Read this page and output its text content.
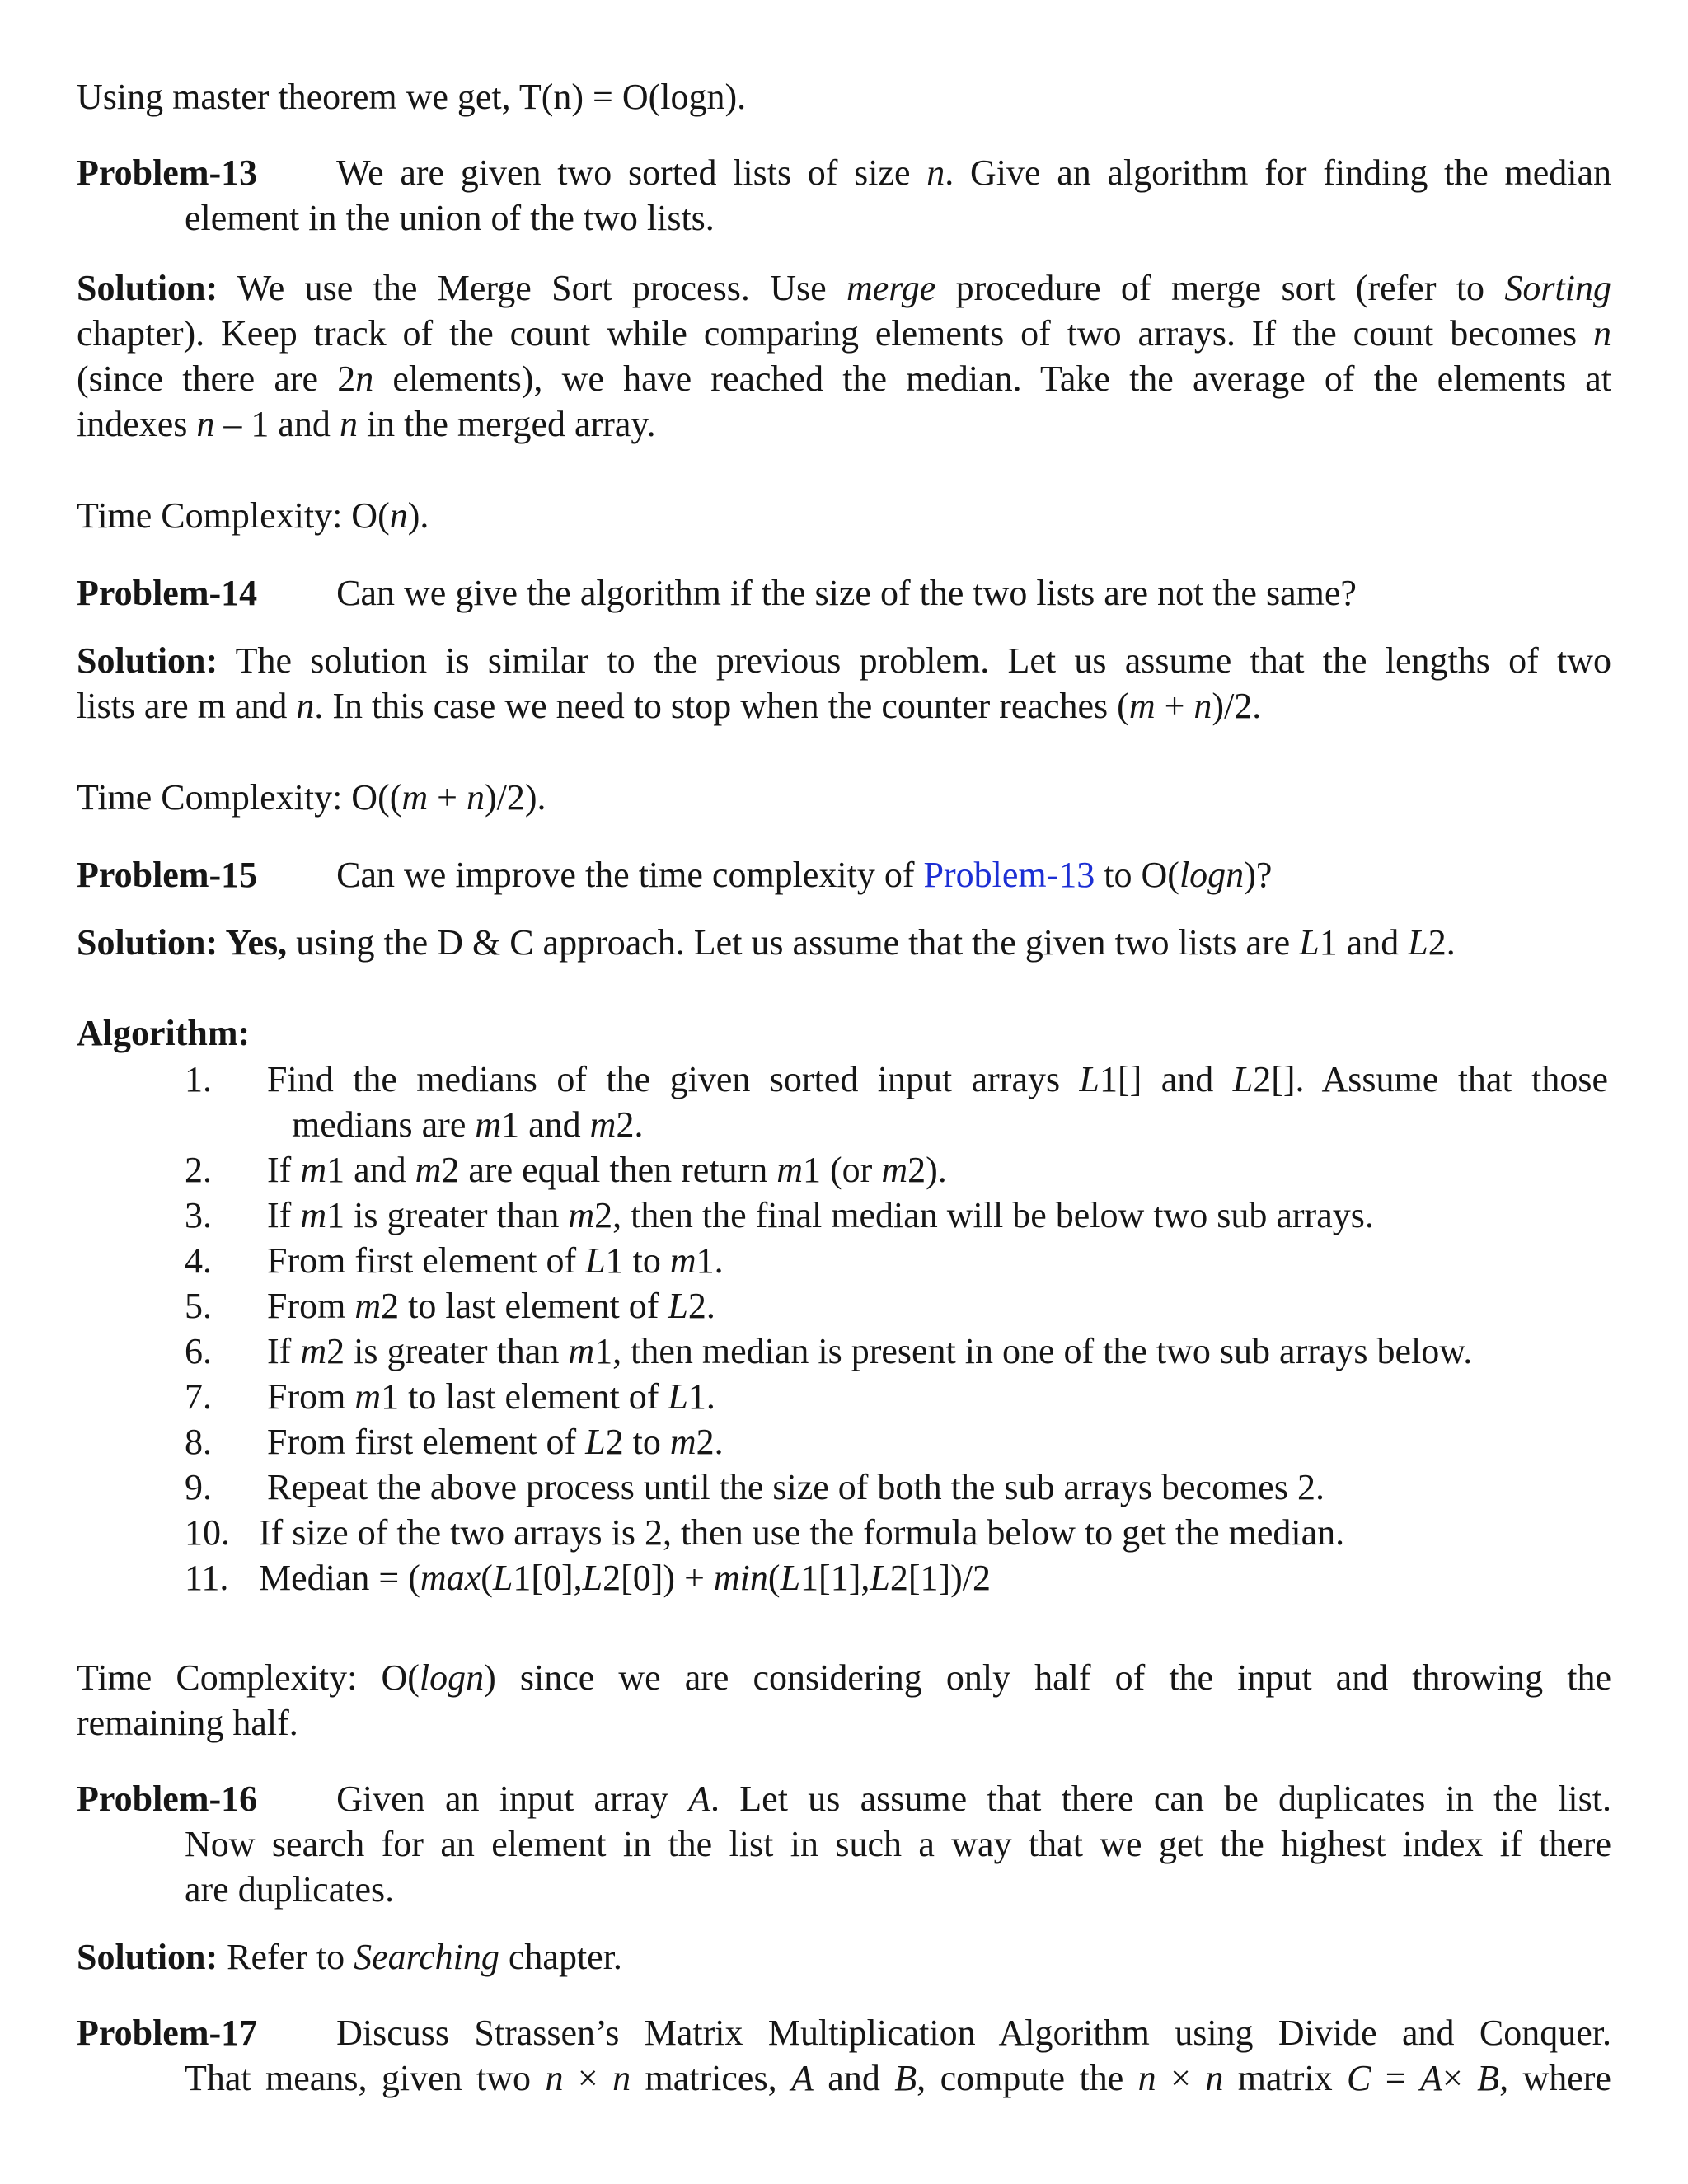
Using master theorem we get, T(n) = O(logn).
Problem-13 We are given two sorted lists of size n. Give an algorithm for finding the median
element in the union of the two lists.
Solution: We use the Merge Sort process. Use merge procedure of merge sort (refer to Sorting
chapter). Keep track of the count while comparing elements of two arrays. If the count becomes n
(since there are 2n elements), we have reached the median. Take the average of the elements at
indexes n – 1 and n in the merged array.
Time Complexity: O(n).
Problem-14 Can we give the algorithm if the size of the two lists are not the same?
Solution: The solution is similar to the previous problem. Let us assume that the lengths of two
lists are m and n. In this case we need to stop when the counter reaches (m + n)/2.
Time Complexity: O((m + n)/2).
Problem-15 Can we improve the time complexity of Problem-13 to O(logn)?
Solution: Yes, using the D & C approach. Let us assume that the given two lists are L1 and L2.
Algorithm:
1. Find the medians of the given sorted input arrays L1[] and L2[]. Assume that those
medians are m1 and m2.
2. If m1 and m2 are equal then return m1 (or m2).
3. If m1 is greater than m2, then the final median will be below two sub arrays.
4. From first element of L1 to m1.
5. From m2 to last element of L2.
6. If m2 is greater than m1, then median is present in one of the two sub arrays below.
7. From m1 to last element of L1.
8. From first element of L2 to m2.
9. Repeat the above process until the size of both the sub arrays becomes 2.
10. If size of the two arrays is 2, then use the formula below to get the median.
11. Median = (max(L1[0],L2[0]) + min(L1[1],L2[1])/2
Time Complexity: O(logn) since we are considering only half of the input and throwing the
remaining half.
Problem-16 Given an input array A. Let us assume that there can be duplicates in the list.
Now search for an element in the list in such a way that we get the highest index if there
are duplicates.
Solution: Refer to Searching chapter.
Problem-17 Discuss Strassen’s Matrix Multiplication Algorithm using Divide and Conquer.
That means, given two n × n matrices, A and B, compute the n × n matrix C = A× B, where
